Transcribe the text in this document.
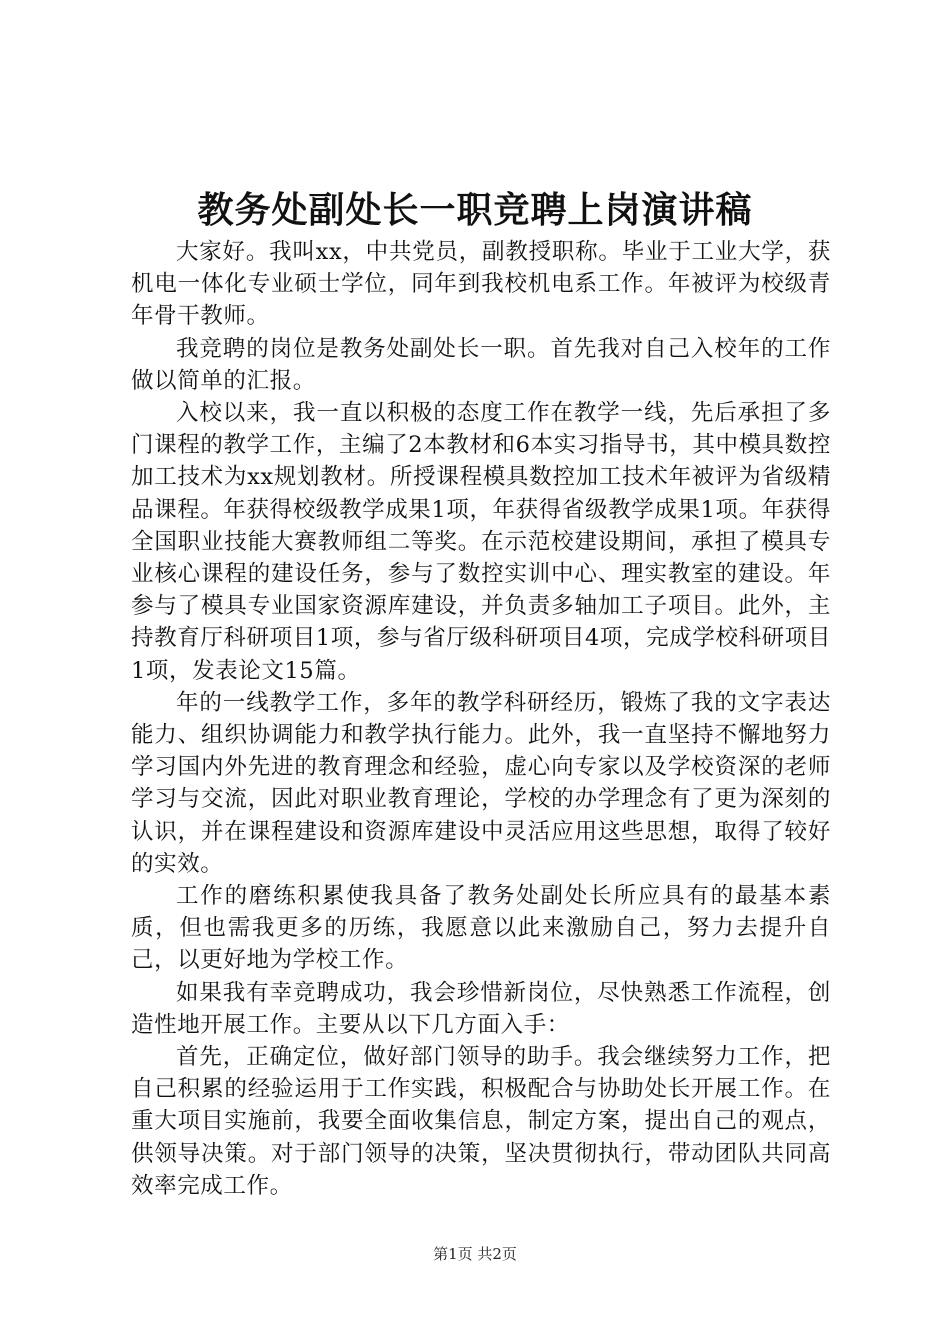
教务处副处长一职竞聘上岗演讲稿

大家好。我叫xx，中共党员，副教授职称。毕业于工业大学，获机电一体化专业硕士学位，同年到我校机电系工作。年被评为校级青年骨干教师。

我竞聘的岗位是教务处副处长一职。首先我对自己入校年的工作做以简单的汇报。

入校以来，我一直以积极的态度工作在教学一线，先后承担了多门课程的教学工作，主编了2本教材和6本实习指导书，其中模具数控加工技术为xx规划教材。所授课程模具数控加工技术年被评为省级精品课程。年获得校级教学成果1项，年获得省级教学成果1项。年获得全国职业技能大赛教师组二等奖。在示范校建设期间，承担了模具专业核心课程的建设任务，参与了数控实训中心、理实教室的建设。年参与了模具专业国家资源库建设，并负责多轴加工子项目。此外，主持教育厅科研项目1项，参与省厅级科研项目4项，完成学校科研项目1项，发表论文15篇。

年的一线教学工作，多年的教学科研经历，锻炼了我的文字表达能力、组织协调能力和教学执行能力。此外，我一直坚持不懈地努力学习国内外先进的教育理念和经验，虚心向专家以及学校资深的老师学习与交流，因此对职业教育理论，学校的办学理念有了更为深刻的认识，并在课程建设和资源库建设中灵活应用这些思想，取得了较好的实效。

工作的磨练积累使我具备了教务处副处长所应具有的最基本素质，但也需我更多的历练，我愿意以此来激励自己，努力去提升自己，以更好地为学校工作。

如果我有幸竞聘成功，我会珍惜新岗位，尽快熟悉工作流程，创造性地开展工作。主要从以下几方面入手：

首先，正确定位，做好部门领导的助手。我会继续努力工作，把自己积累的经验运用于工作实践，积极配合与协助处长开展工作。在重大项目实施前，我要全面收集信息，制定方案，提出自己的观点，供领导决策。对于部门领导的决策，坚决贯彻执行，带动团队共同高效率完成工作。

第1页 共2页
